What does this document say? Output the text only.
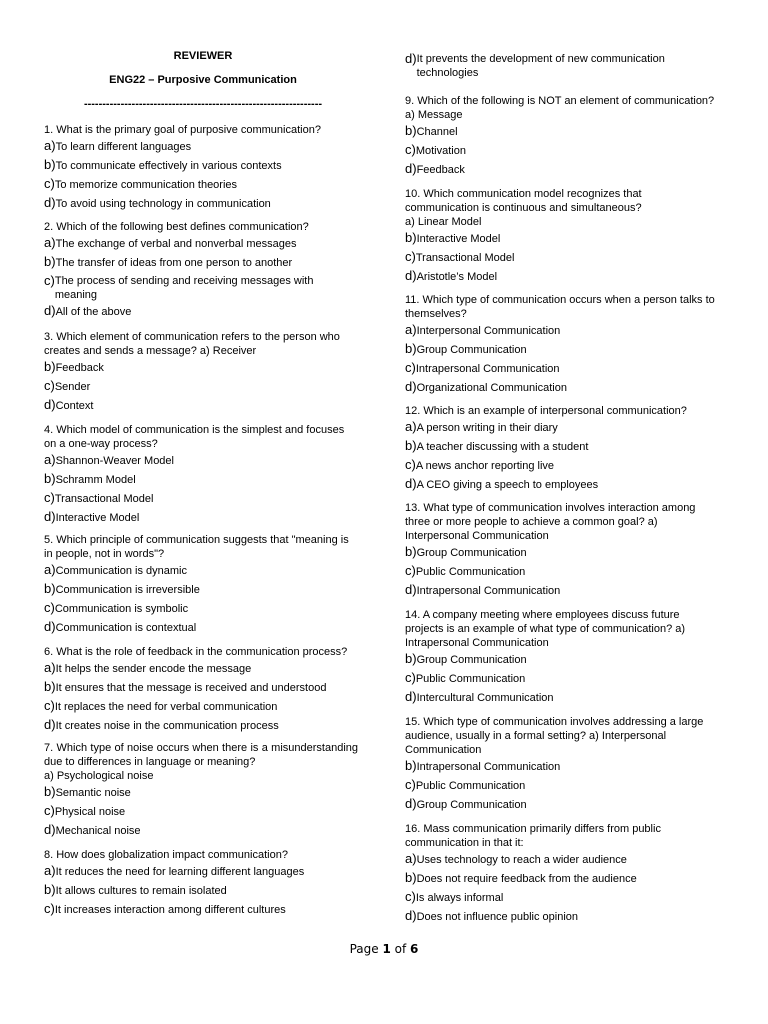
REVIEWER
ENG22 – Purposive Communication
-----------------------------------------------------------------
1. What is the primary goal of purposive communication?
a) To learn different languages
b) To communicate effectively in various contexts
c) To memorize communication theories
d) To avoid using technology in communication
2. Which of the following best defines communication?
a) The exchange of verbal and nonverbal messages
b) The transfer of ideas from one person to another
c) The process of sending and receiving messages with meaning
d) All of the above
3. Which element of communication refers to the person who creates and sends a message? a) Receiver
b) Feedback
c) Sender
d) Context
4. Which model of communication is the simplest and focuses on a one-way process?
a) Shannon-Weaver Model
b) Schramm Model
c) Transactional Model
d) Interactive Model
5. Which principle of communication suggests that "meaning is in people, not in words"?
a) Communication is dynamic
b) Communication is irreversible
c) Communication is symbolic
d) Communication is contextual
6. What is the role of feedback in the communication process?
a) It helps the sender encode the message
b) It ensures that the message is received and understood
c) It replaces the need for verbal communication
d) It creates noise in the communication process
7. Which type of noise occurs when there is a misunderstanding due to differences in language or meaning?
a) Psychological noise
b) Semantic noise
c) Physical noise
d) Mechanical noise
8. How does globalization impact communication?
a) It reduces the need for learning different languages
b) It allows cultures to remain isolated
c) It increases interaction among different cultures
d) It prevents the development of new communication technologies
9. Which of the following is NOT an element of communication? a) Message
b) Channel
c) Motivation
d) Feedback
10. Which communication model recognizes that communication is continuous and simultaneous?
a) Linear Model
b) Interactive Model
c) Transactional Model
d) Aristotle’s Model
11. Which type of communication occurs when a person talks to themselves?
a) Interpersonal Communication
b) Group Communication
c) Intrapersonal Communication
d) Organizational Communication
12. Which is an example of interpersonal communication?
a) A person writing in their diary
b) A teacher discussing with a student
c) A news anchor reporting live
d) A CEO giving a speech to employees
13. What type of communication involves interaction among three or more people to achieve a common goal? a) Interpersonal Communication
b) Group Communication
c) Public Communication
d) Intrapersonal Communication
14. A company meeting where employees discuss future projects is an example of what type of communication? a) Intrapersonal Communication
b) Group Communication
c) Public Communication
d) Intercultural Communication
15. Which type of communication involves addressing a large audience, usually in a formal setting? a) Interpersonal Communication
b) Intrapersonal Communication
c) Public Communication
d) Group Communication
16. Mass communication primarily differs from public communication in that it:
a) Uses technology to reach a wider audience
b) Does not require feedback from the audience
c) Is always informal
d) Does not influence public opinion
Page 1 of 6
